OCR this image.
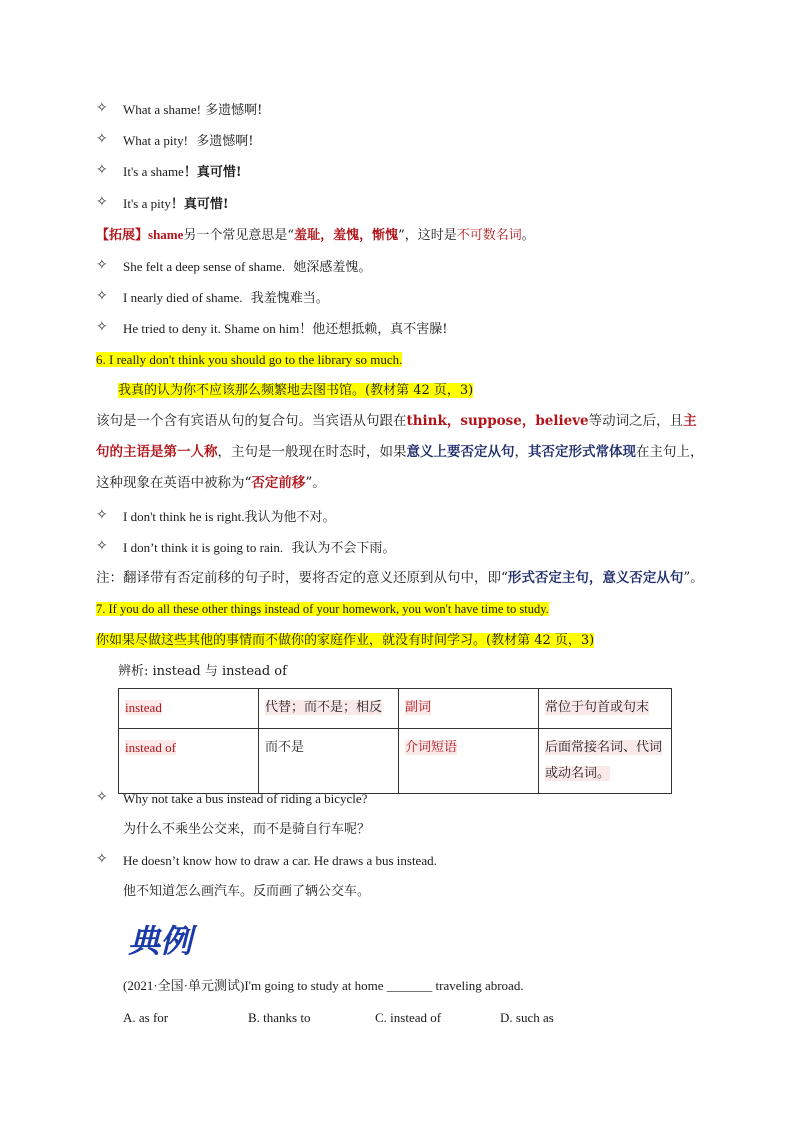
✧	What a shame! 多遗憾啊!
✧	What a pity! 多遗憾啊!
✧	It's a shame！真可惜!
✧	It's a pity！真可惜!
【拓展】shame另一个常见意思是“羞耻，羞愧，惭愧”，这时是不可数名词。
✧	She felt a deep sense of shame. 她深感羞愧。
✧	I nearly died of shame. 我羞愧难当。
✧	He tried to deny it. Shame on him！他还想抵赖，真不害臊!
6. I really don't think you should go to the library so much.
我真的认为你不应该那么频繁地去图书馆。(教材第 42 页，3)
该句是一个含有宾语从句的复合句。当宾语从句跟在think，suppose，believe等动词之后，且主句的主语是第一人称，主句是一般现在时态时，如果意义上要否定从句，其否定形式常体现在主句上，这种现象在英语中被称为“否定前移”。
✧	I don't think he is right.我认为他不对。
✧	I don’t think it is going to rain. 我认为不会下雨。
注：翻译带有否定前移的句子时，要将否定的意义还原到从句中，即“形式否定主句，意义否定从句”。 7. If you do all these other things instead of your homework, you won't have time to study.
你如果尽做这些其他的事情而不做你的家庭作业，就没有时间学习。(教材第 42 页，3)
辨析: instead 与 instead of
instead	代替；而不是；相反	副词	常位于句首或句末
instead of	而不是	介词短语	后面常接名词、代词或动名词。
✧	Why not take a bus instead of riding a bicycle?
为什么不乘坐公交来，而不是骑自行车呢？
✧	He doesn’t know how to draw a car. He draws a bus instead.
他不知道怎么画汽车。反而画了辆公交车。
典例
(2021·全国·单元测试)I'm going to study at home _______ traveling abroad.
A. as for	B. thanks to	C. instead of	D. such as
